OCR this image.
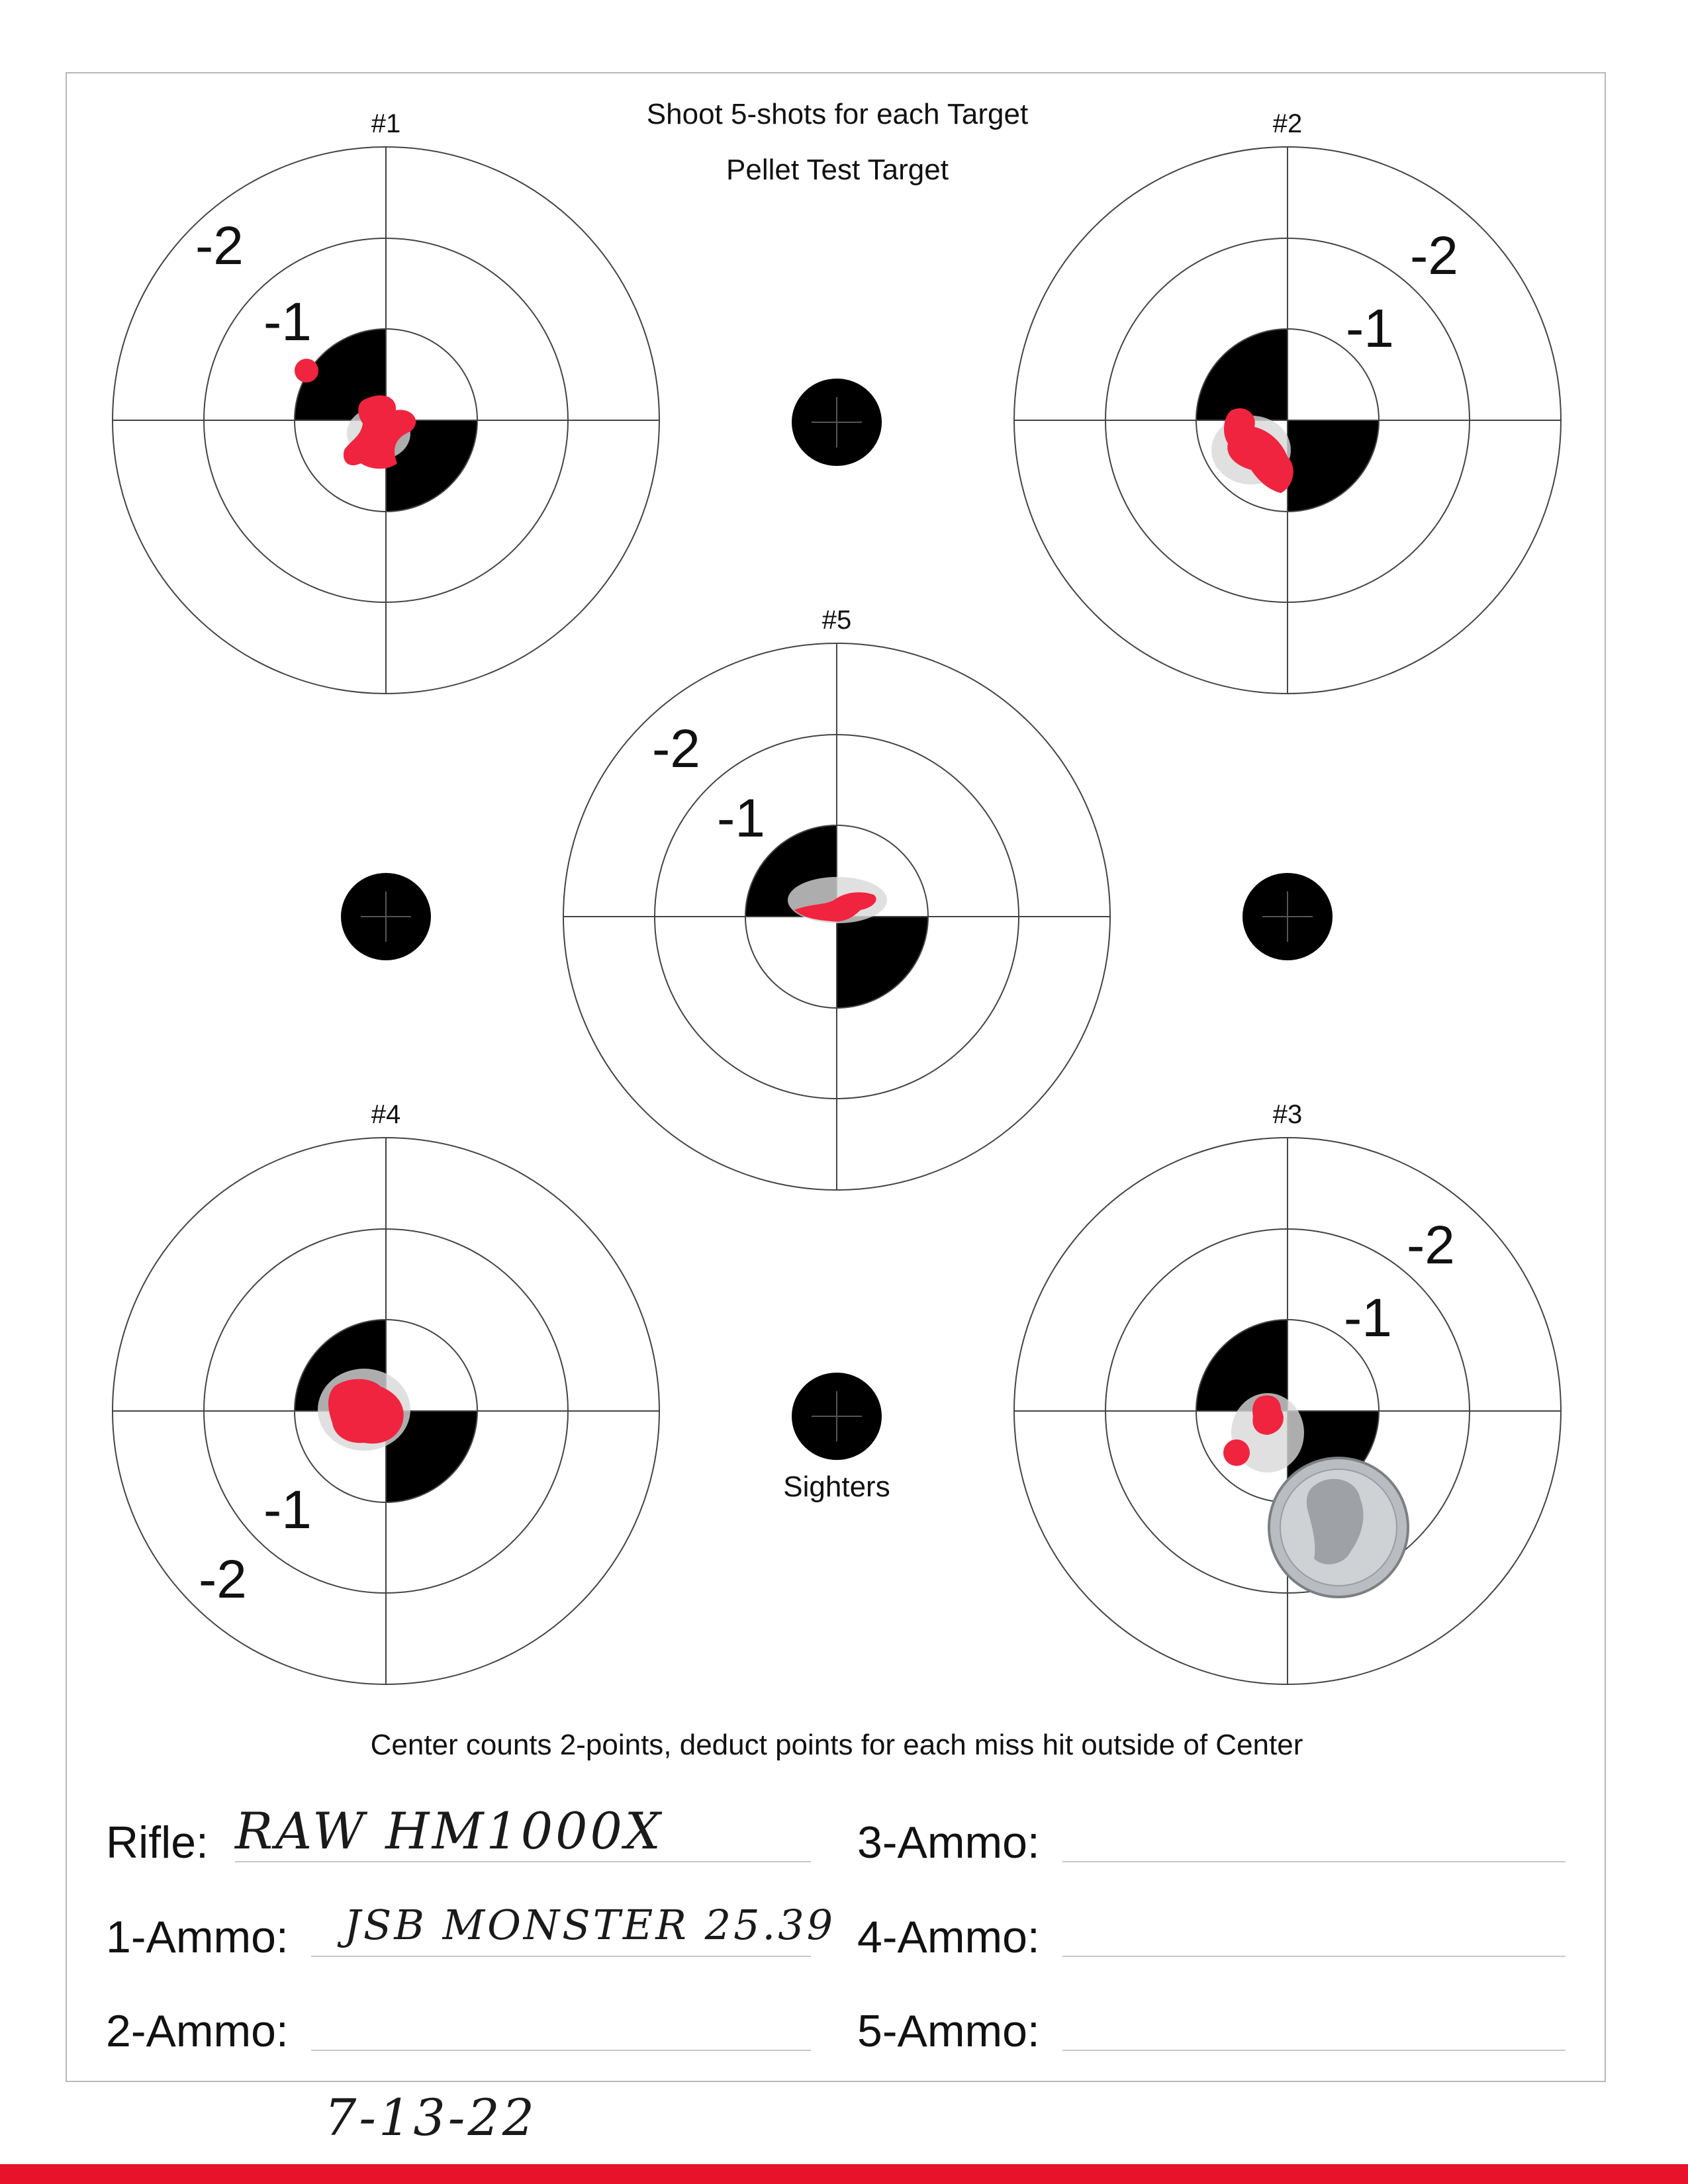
Shoot 5-shots for each Target
Pellet Test Target
#1	#2
#5
#4	#3
-2
-1
-2
-1
-2
-1
-1
-2
-2
-1
Sighters
Center counts 2-points, deduct points for each miss hit outside of Center
Rifle: RAW HM1000X
1-Ammo: JSB MONSTER 25.39
2-Ammo:
3-Ammo:
4-Ammo:
5-Ammo:
7-13-22
